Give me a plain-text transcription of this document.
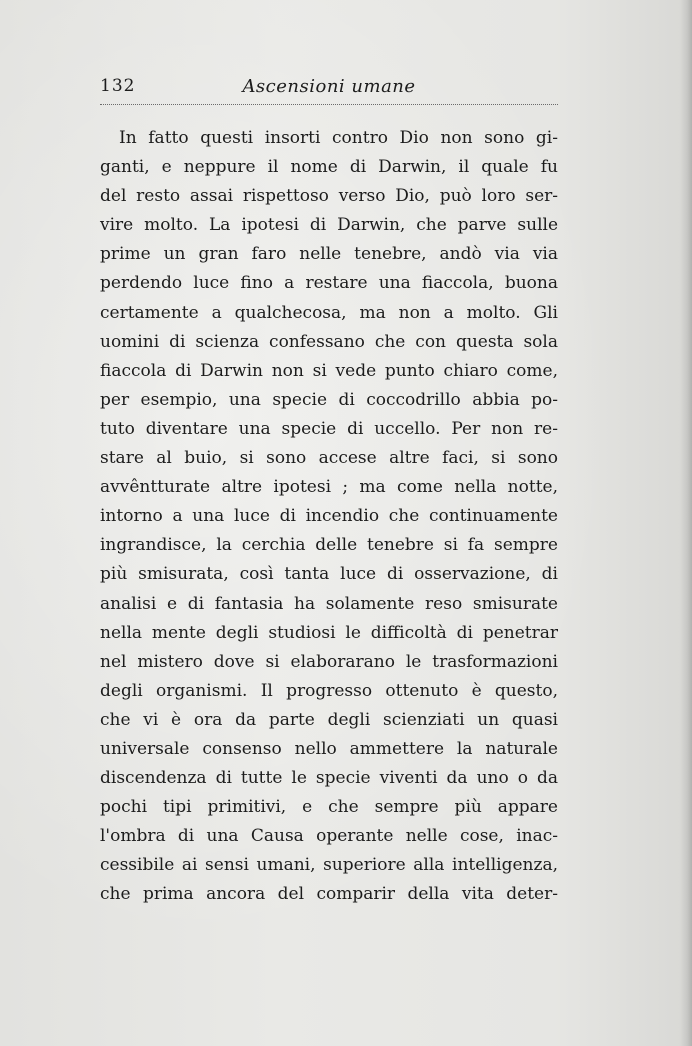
132	Ascensioni umane
In fatto questi insorti contro Dio non sono gi-
ganti, e neppure il nome di Darwin, il quale fu
del resto assai rispettoso verso Dio, può loro ser-
vire molto. La ipotesi di Darwin, che parve sulle
prime un gran faro nelle tenebre, andò via via
perdendo luce fino a restare una fiaccola, buona
certamente a qualchecosa, ma non a molto. Gli
uomini di scienza confessano che con questa sola
fiaccola di Darwin non si vede punto chiaro come,
per esempio, una specie di coccodrillo abbia po-
tuto diventare una specie di uccello. Per non re-
stare al buio, si sono accese altre faci, si sono
avvêntturate altre ipotesi ; ma come nella notte,
intorno a una luce di incendio che continuamente
ingrandisce, la cerchia delle tenebre si fa sempre
più smisurata, così tanta luce di osservazione, di
analisi e di fantasia ha solamente reso smisurate
nella mente degli studiosi le difficoltà di penetrar
nel mistero dove si elaborarano le trasformazioni
degli organismi. Il progresso ottenuto è questo,
che vi è ora da parte degli scienziati un quasi
universale consenso nello ammettere la naturale
discendenza di tutte le specie viventi da uno o da
pochi tipi primitivi, e che sempre più appare
l'ombra di una Causa operante nelle cose, inac-
cessibile ai sensi umani, superiore alla intelligenza,
che prima ancora del comparir della vita deter-
